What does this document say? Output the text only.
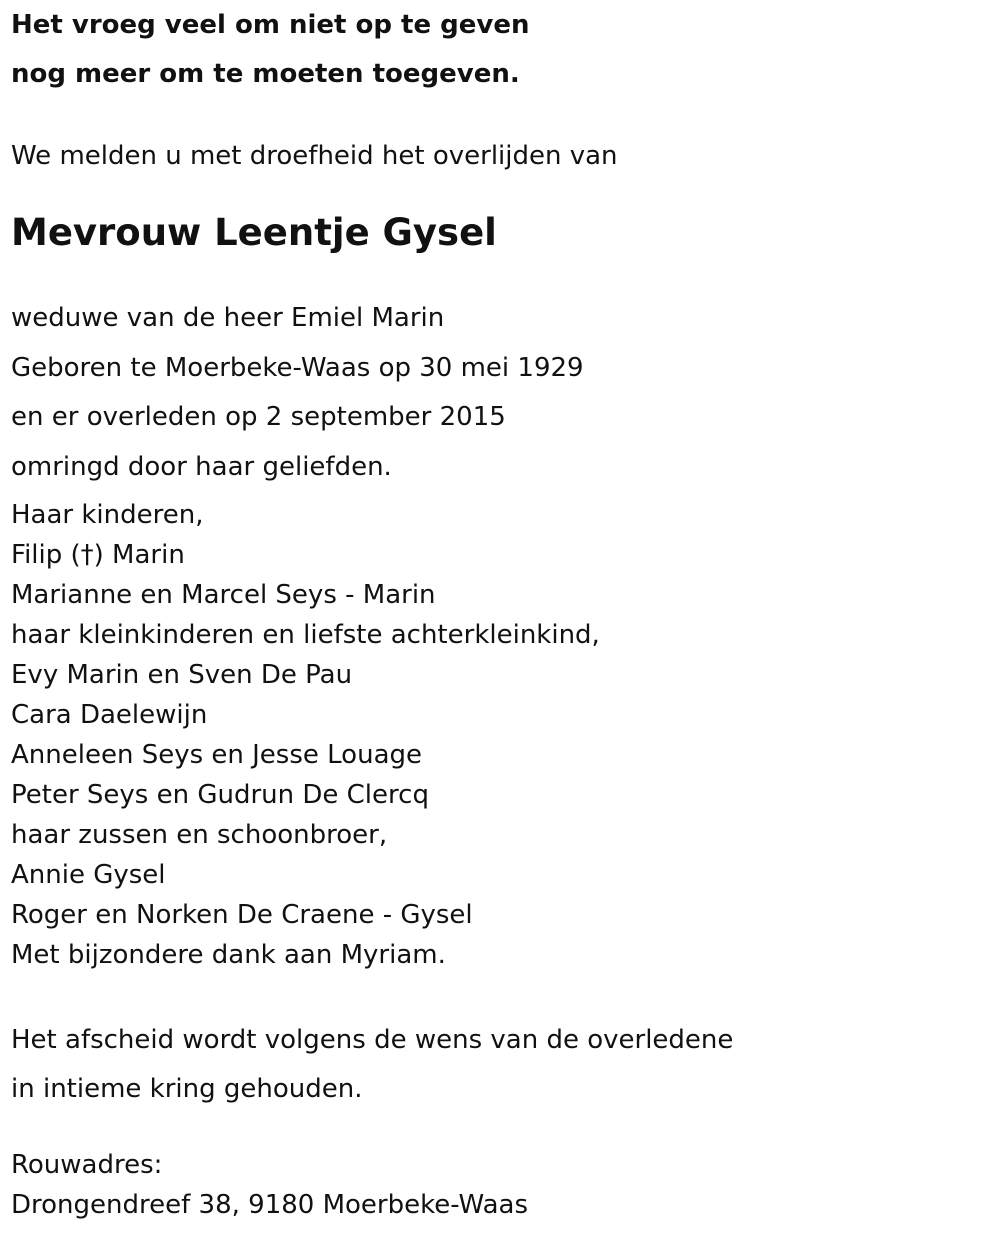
Het vroeg veel om niet op te geven
nog meer om te moeten toegeven.
We melden u met droefheid het overlijden van
Mevrouw Leentje Gysel
weduwe van de heer Emiel Marin
Geboren te Moerbeke-Waas op 30 mei 1929
en er overleden op 2 september 2015
omringd door haar geliefden.
Haar kinderen,
Filip (†) Marin
Marianne en Marcel Seys - Marin
haar kleinkinderen en liefste achterkleinkind,
Evy Marin en Sven De Pau
Cara Daelewijn
Anneleen Seys en Jesse Louage
Peter Seys en Gudrun De Clercq
haar zussen en schoonbroer,
Annie Gysel
Roger en Norken De Craene - Gysel
Met bijzondere dank aan Myriam.
Het afscheid wordt volgens de wens van de overledene
in intieme kring gehouden.
Rouwadres:
Drongendreef 38, 9180 Moerbeke-Waas
